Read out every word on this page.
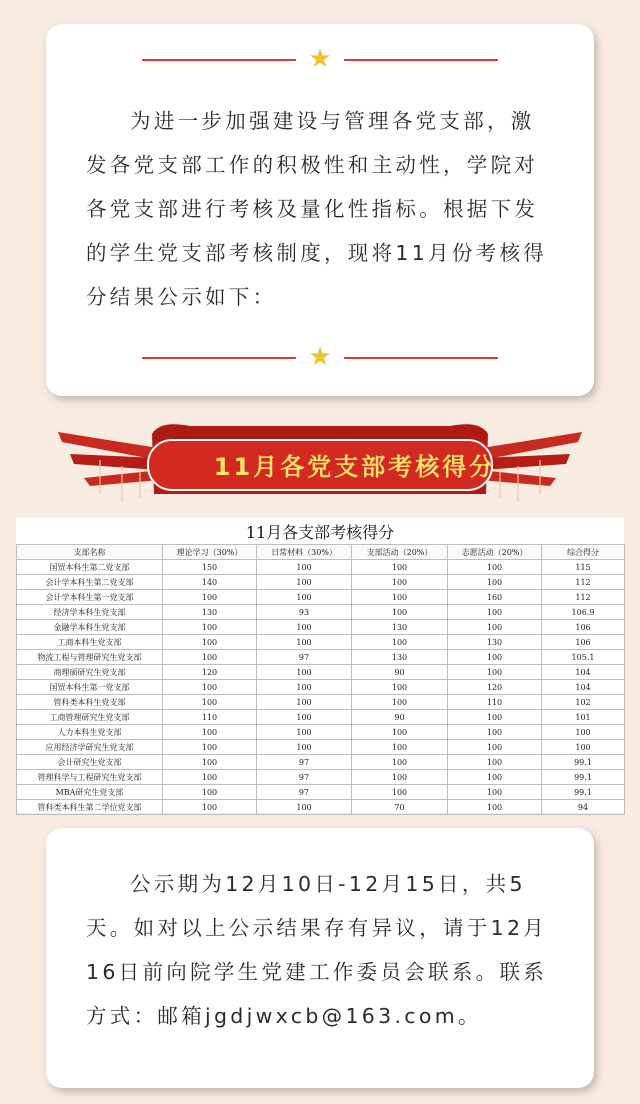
★

为进一步加强建设与管理各党支部，激发各党支部工作的积极性和主动性，学院对各党支部进行考核及量化性指标。根据下发的学生党支部考核制度，现将11月份考核得分结果公示如下：

★
11月各党支部考核得分
11月各支部考核得分
支部名称	理论学习（30%）	日常材料（30%）	支部活动（20%）	志愿活动（20%）	综合得分
国贸本科生第二党支部	150	100	100	100	115
会计学本科生第二党支部	140	100	100	100	112
会计学本科生第一党支部	100	100	100	160	112
经济学本科生党支部	130	93	100	100	106.9
金融学本科生党支部	100	100	130	100	106
工商本科生党支部	100	100	100	130	106
物流工程与管理研究生党支部	100	97	130	100	105.1
商理硕研究生党支部	120	100	90	100	104
国贸本科生第一党支部	100	100	100	120	104
管科类本科生党支部	100	100	100	110	102
工商管理研究生党支部	110	100	90	100	101
人力本科生党支部	100	100	100	100	100
应用经济学研究生党支部	100	100	100	100	100
会计研究生党支部	100	97	100	100	99.1
管理科学与工程研究生党支部	100	97	100	100	99.1
MBA研究生党支部	100	97	100	100	99.1
管科类本科生第二学位党支部	100	100	70	100	94

公示期为12月10日-12月15日，共5天。如对以上公示结果存有异议，请于12月16日前向院学生党建工作委员会联系。联系方式：邮箱jgdjwxcb@163.com。
